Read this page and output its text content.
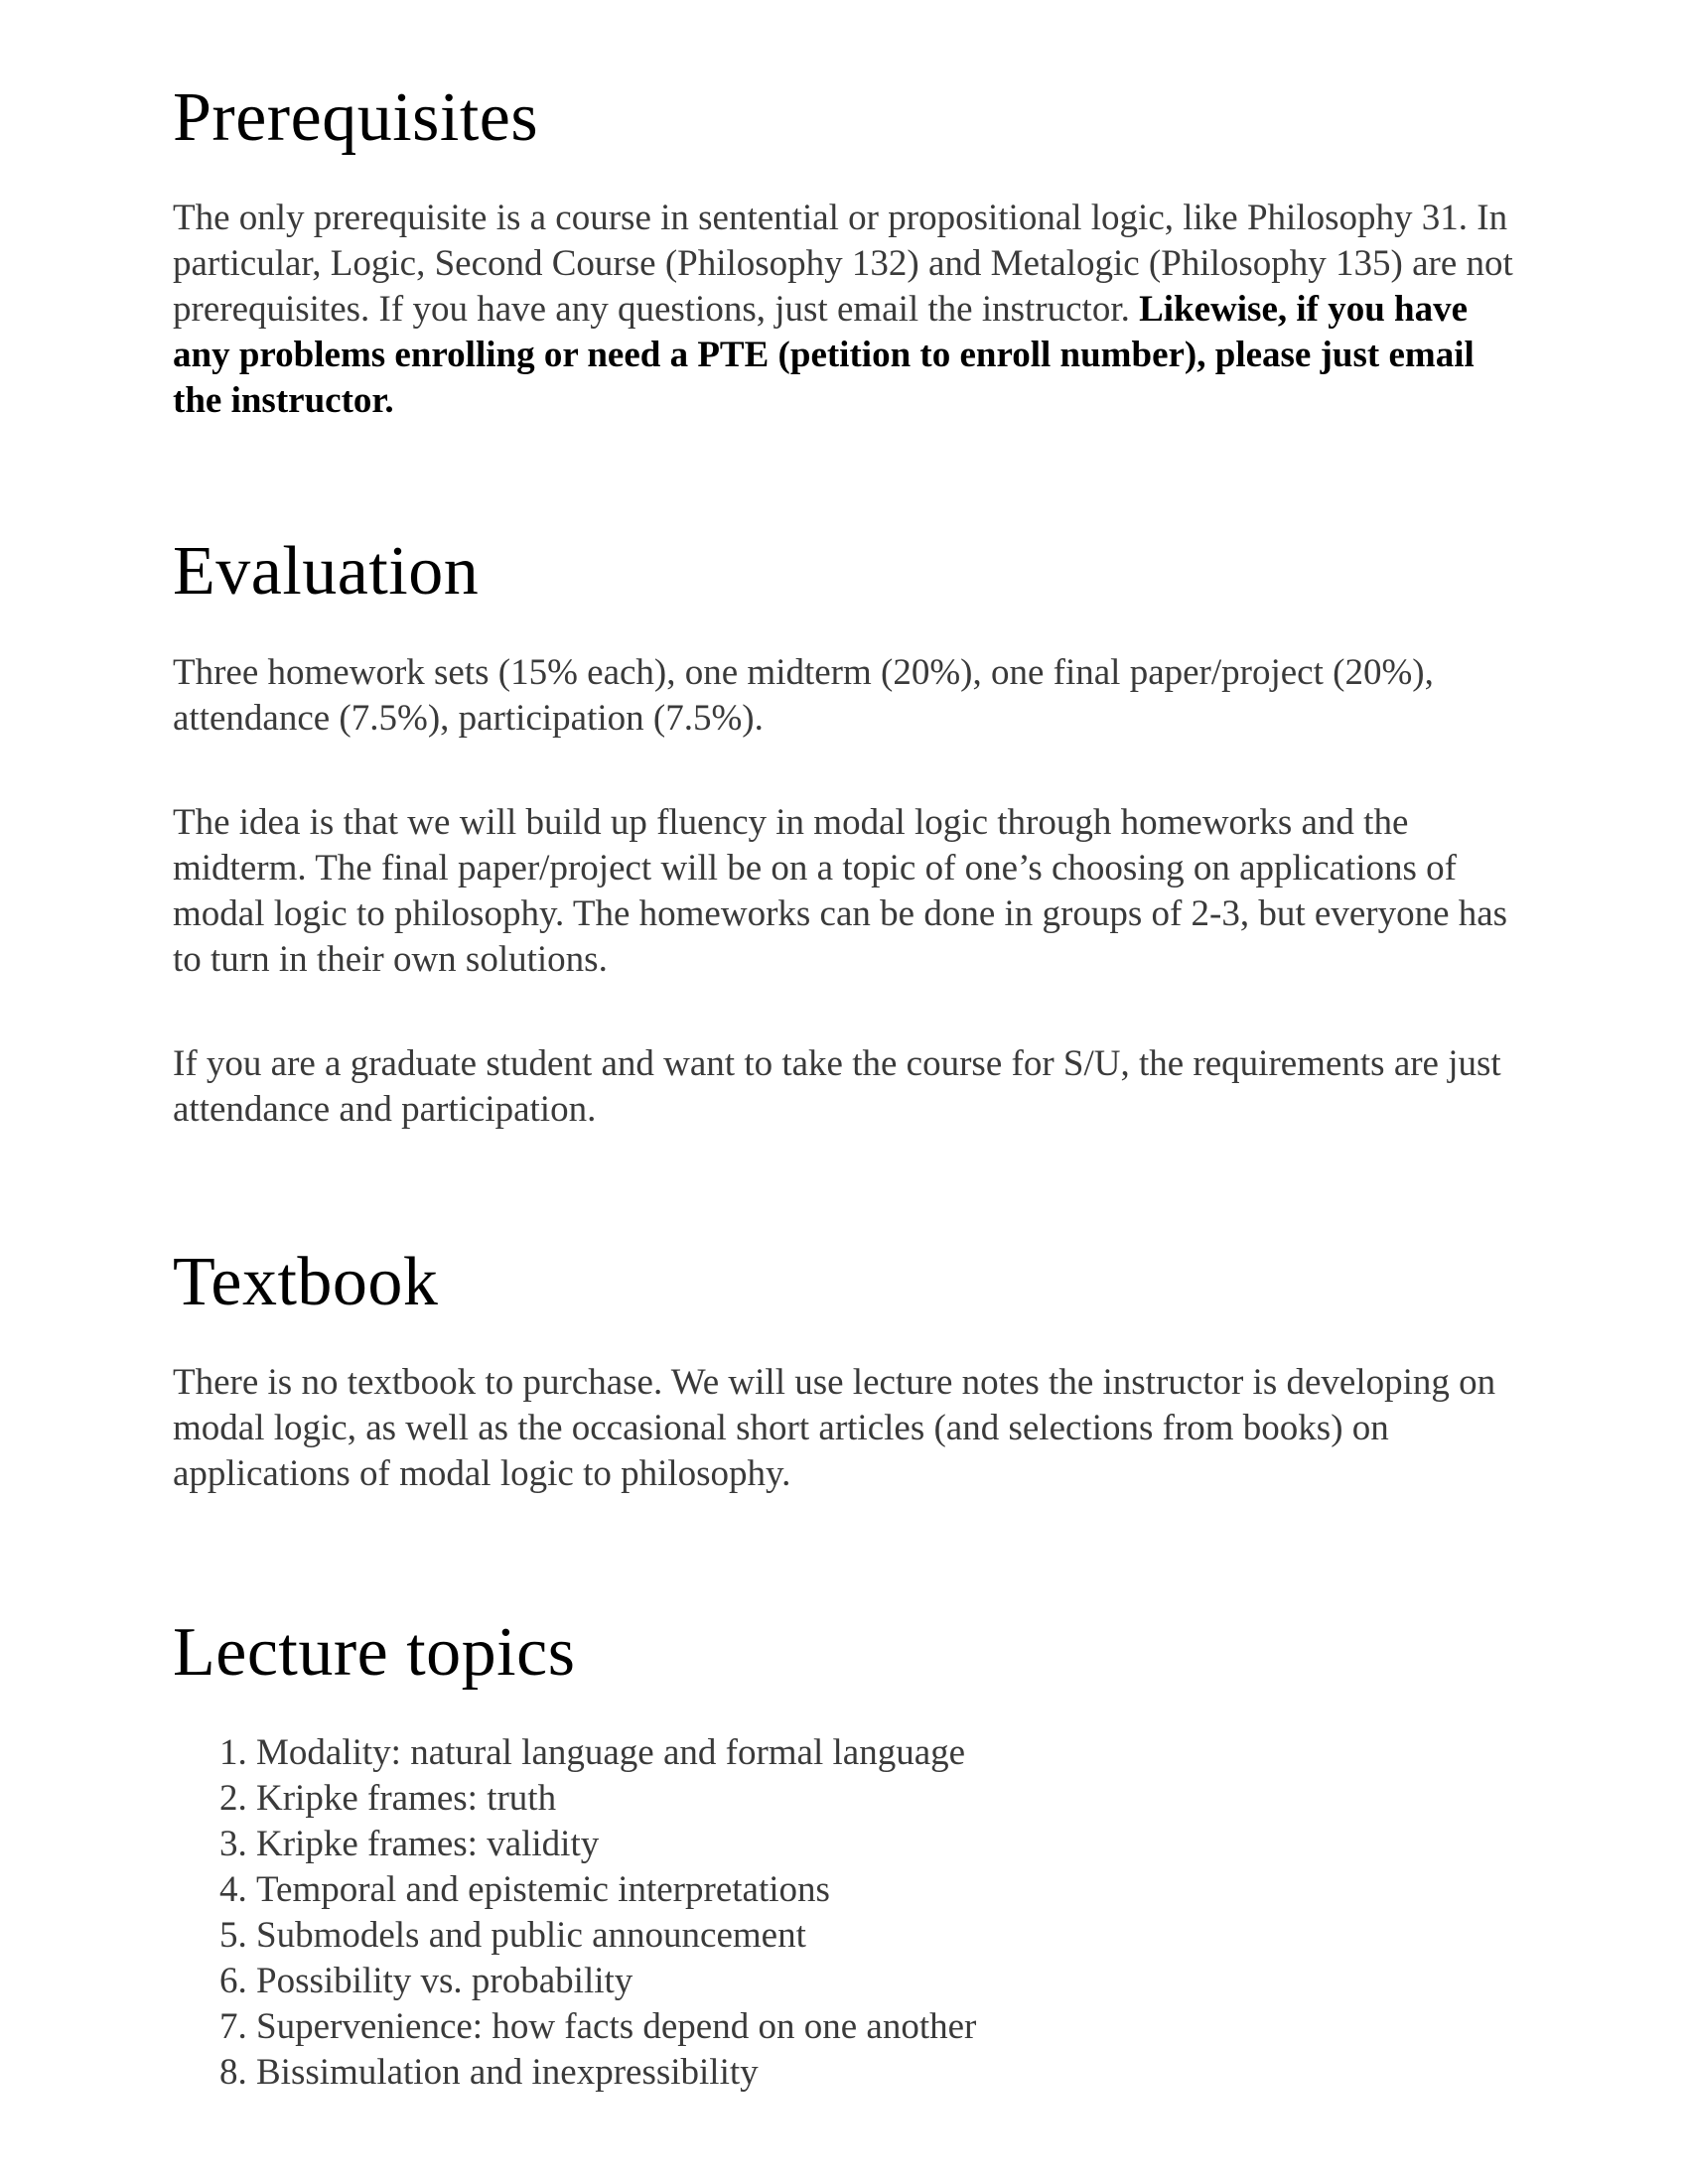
Prerequisites

The only prerequisite is a course in sentential or propositional logic, like Philosophy 31. In particular, Logic, Second Course (Philosophy 132) and Metalogic (Philosophy 135) are not prerequisites. If you have any questions, just email the instructor. Likewise, if you have any problems enrolling or need a PTE (petition to enroll number), please just email the instructor.

Evaluation

Three homework sets (15% each), one midterm (20%), one final paper/project (20%), attendance (7.5%), participation (7.5%).

The idea is that we will build up fluency in modal logic through homeworks and the midterm. The final paper/project will be on a topic of one’s choosing on applications of modal logic to philosophy. The homeworks can be done in groups of 2-3, but everyone has to turn in their own solutions.

If you are a graduate student and want to take the course for S/U, the requirements are just attendance and participation.

Textbook

There is no textbook to purchase. We will use lecture notes the instructor is developing on modal logic, as well as the occasional short articles (and selections from books) on applications of modal logic to philosophy.

Lecture topics
1. Modality: natural language and formal language
2. Kripke frames: truth
3. Kripke frames: validity
4. Temporal and epistemic interpretations
5. Submodels and public announcement
6. Possibility vs. probability
7. Supervenience: how facts depend on one another
8. Bissimulation and inexpressibility
